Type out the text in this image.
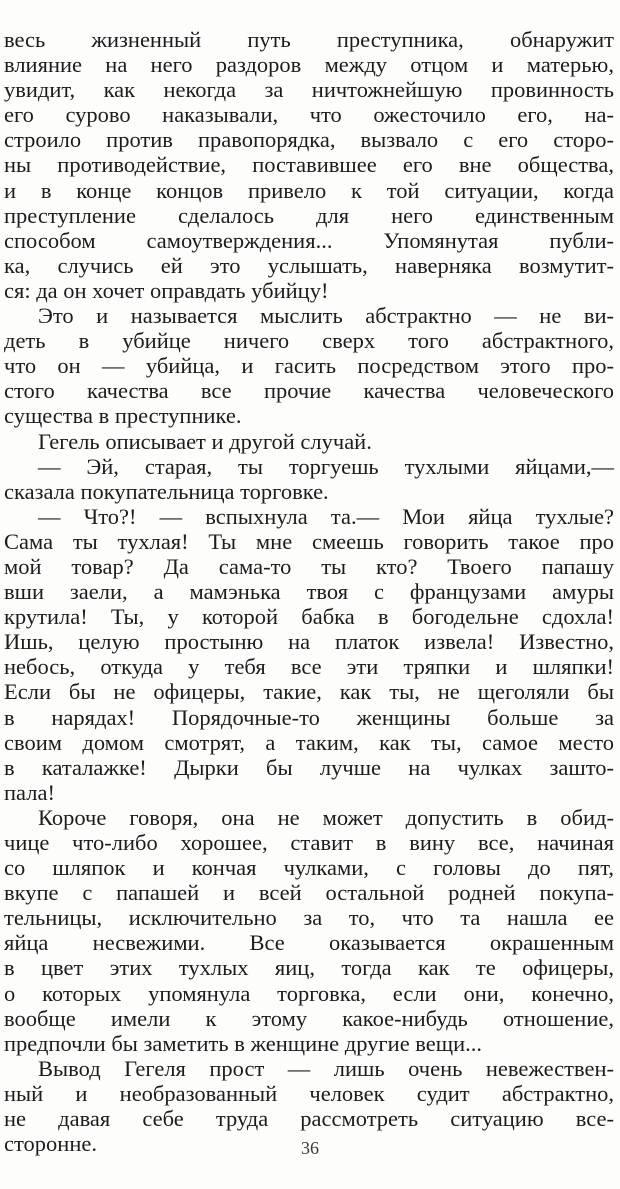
весь жизненный путь преступника, обнаружит
влияние на него раздоров между отцом и матерью,
увидит, как некогда за ничтожнейшую провинность
его сурово наказывали, что ожесточило его, на-
строило против правопорядка, вызвало с его сторо-
ны противодействие, поставившее его вне общества,
и в конце концов привело к той ситуации, когда
преступление сделалось для него единственным
способом самоутверждения... Упомянутая публи-
ка, случись ей это услышать, наверняка возмутит-
ся: да он хочет оправдать убийцу!
Это и называется мыслить абстрактно — не ви-
деть в убийце ничего сверх того абстрактного,
что он — убийца, и гасить посредством этого про-
стого качества все прочие качества человеческого
существа в преступнике.
Гегель описывает и другой случай.
— Эй, старая, ты торгуешь тухлыми яйцами,—
сказала покупательница торговке.
— Что?! — вспыхнула та.— Мои яйца тухлые?
Сама ты тухлая! Ты мне смеешь говорить такое про
мой товар? Да сама-то ты кто? Твоего папашу
вши заели, а мамэнька твоя с французами амуры
крутила! Ты, у которой бабка в богодельне сдохла!
Ишь, целую простыню на платок извела! Известно,
небось, откуда у тебя все эти тряпки и шляпки!
Если бы не офицеры, такие, как ты, не щеголяли бы
в нарядах! Порядочные-то женщины больше за
своим домом смотрят, а таким, как ты, самое место
в каталажке! Дырки бы лучше на чулках зашто-
пала!
Короче говоря, она не может допустить в обид-
чице что-либо хорошее, ставит в вину все, начиная
со шляпок и кончая чулками, с головы до пят,
вкупе с папашей и всей остальной родней покупа-
тельницы, исключительно за то, что та нашла ее
яйца несвежими. Все оказывается окрашенным
в цвет этих тухлых яиц, тогда как те офицеры,
о которых упомянула торговка, если они, конечно,
вообще имели к этому какое-нибудь отношение,
предпочли бы заметить в женщине другие вещи...
Вывод Гегеля прост — лишь очень невежествен-
ный и необразованный человек судит абстрактно,
не давая себе труда рассмотреть ситуацию все-
сторонне.	36
